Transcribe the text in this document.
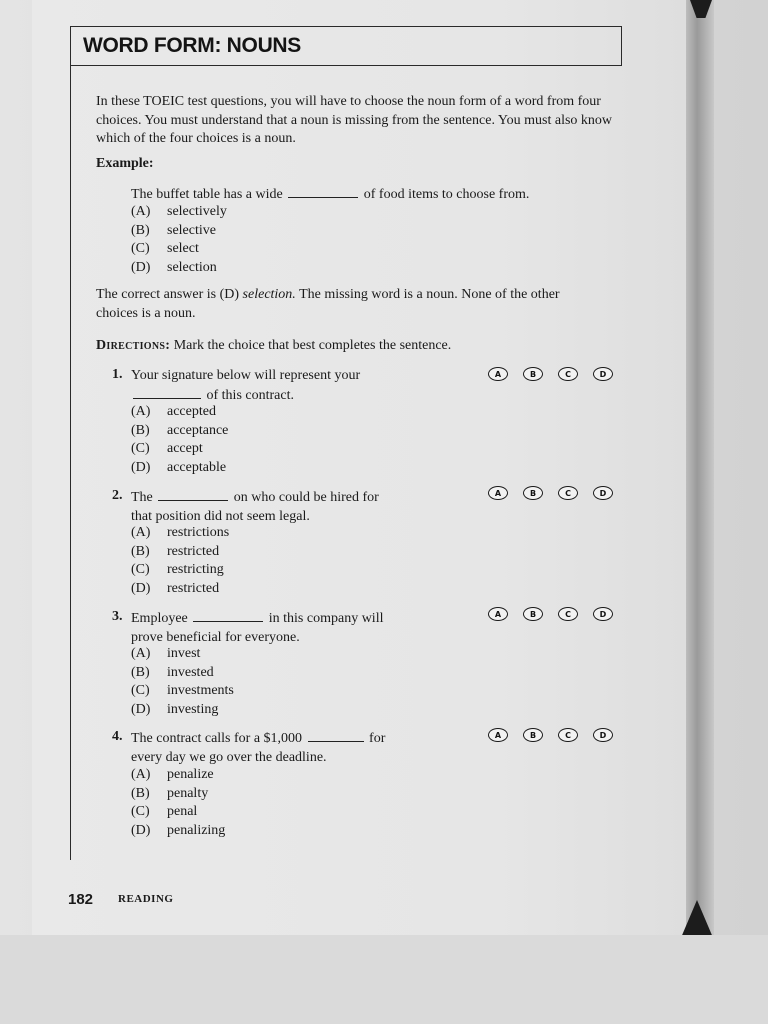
WORD FORM: NOUNS

In these TOEIC test questions, you will have to choose the noun form of a word from four choices. You must understand that a noun is missing from the sentence. You must also know which of the four choices is a noun.

Example:
The buffet table has a wide	of food items to choose from.
(A) selectively
(B) selective
(C) select
(D) selection

The correct answer is (D) selection. The missing word is a noun. None of the other choices is a noun.

Directions: Mark the choice that best completes the sentence.
1. Your signature below will represent your
of this contract.
(A) accepted
(B) acceptance
(C) accept
(D) acceptable
A	B	C	D
2. The	on who could be hired for
that position did not seem legal.
(A) restrictions
(B) restricted
(C) restricting
(D) restricted
A	B	C	D
3. Employee	in this company will
prove beneficial for everyone.
(A) invest
(B) invested
(C) investments
(D) investing
A	B	C	D
4. The contract calls for a $1,000	for
every day we go over the deadline.
(A) penalize
(B) penalty
(C) penal
(D) penalizing
A	B	C	D
182 READING
